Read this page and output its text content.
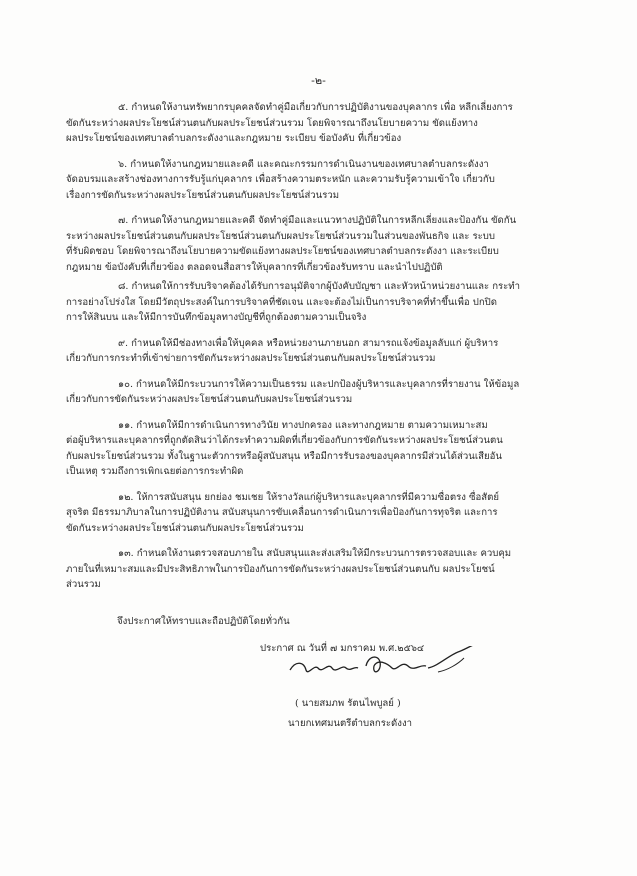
-๒-

๕. กำหนดให้งานทรัพยากรบุคคลจัดทำคู่มือเกี่ยวกับการปฏิบัติงานของบุคลากร เพื่อ หลีกเลี่ยงการ
ขัดกันระหว่างผลประโยชน์ส่วนตนกับผลประโยชน์ส่วนรวม โดยพิจารณาถึงนโยบายความ ขัดแย้งทาง
ผลประโยชน์ของเทศบาลตำบลกระดังงาและกฎหมาย ระเบียบ ข้อบังคับ ที่เกี่ยวข้อง

๖. กำหนดให้งานกฎหมายและคดี และคณะกรรมการดำเนินงานของเทศบาลตำบลกระดังงา
จัดอบรมและสร้างช่องทางการรับรู้แก่บุคลากร เพื่อสร้างความตระหนัก และความรับรู้ความเข้าใจ เกี่ยวกับ
เรื่องการขัดกันระหว่างผลประโยชน์ส่วนตนกับผลประโยชน์ส่วนรวม

๗. กำหนดให้งานกฎหมายและคดี จัดทำคู่มือและแนวทางปฏิบัติในการหลีกเลี่ยงและป้องกัน ขัดกัน
ระหว่างผลประโยชน์ส่วนตนกับผลประโยชน์ส่วนตนกับผลประโยชน์ส่วนรวมในส่วนของพันธกิจ และ ระบบ
ที่รับผิดชอบ โดยพิจารณาถึงนโยบายความขัดแย้งทางผลประโยชน์ของเทศบาลตำบลกระดังงา และระเบียบ
กฎหมาย ข้อบังคับที่เกี่ยวข้อง ตลอดจนสื่อสารให้บุคลากรที่เกี่ยวข้องรับทราบ และนำไปปฏิบัติ

๘. กำหนดให้การรับบริจาคต้องได้รับการอนุมัติจากผู้บังคับบัญชา และหัวหน้าหน่วยงานและ กระทำ
การอย่างโปร่งใส โดยมีวัตถุประสงค์ในการบริจาคที่ชัดเจน และจะต้องไม่เป็นการบริจาคที่ทำขึ้นเพื่อ ปกปิด
การให้สินบน และให้มีการบันทึกข้อมูลทางบัญชีที่ถูกต้องตามความเป็นจริง

๙. กำหนดให้มีช่องทางเพื่อให้บุคคล หรือหน่วยงานภายนอก สามารถแจ้งข้อมูลลับแก่ ผู้บริหาร
เกี่ยวกับการกระทำที่เข้าข่ายการขัดกันระหว่างผลประโยชน์ส่วนตนกับผลประโยชน์ส่วนรวม

๑๐. กำหนดให้มีกระบวนการให้ความเป็นธรรม และปกป้องผู้บริหารและบุคลากรที่รายงาน ให้ข้อมูล
เกี่ยวกับการขัดกันระหว่างผลประโยชน์ส่วนตนกับผลประโยชน์ส่วนรวม

๑๑. กำหนดให้มีการดำเนินการทางวินัย ทางปกครอง และทางกฎหมาย ตามความเหมาะสม
ต่อผู้บริหารและบุคลากรที่ถูกตัดสินว่าได้กระทำความผิดที่เกี่ยวข้องกับการขัดกันระหว่างผลประโยชน์ส่วนตน
กับผลประโยชน์ส่วนรวม ทั้งในฐานะตัวการหรือผู้สนับสนุน หรือมีการรับรองของบุคลากรมีส่วนได้ส่วนเสียอัน
เป็นเหตุ รวมถึงการเพิกเฉยต่อการกระทำผิด

๑๒. ให้การสนับสนุน ยกย่อง ชมเชย ให้รางวัลแก่ผู้บริหารและบุคลากรที่มีความซื่อตรง ซื่อสัตย์
สุจริต มีธรรมาภิบาลในการปฏิบัติงาน สนับสนุนการขับเคลื่อนการดำเนินการเพื่อป้องกันการทุจริต และการ
ขัดกันระหว่างผลประโยชน์ส่วนตนกับผลประโยชน์ส่วนรวม

๑๓. กำหนดให้งานตรวจสอบภายใน สนับสนุนและส่งเสริมให้มีกระบวนการตรวจสอบและ ควบคุม
ภายในที่เหมาะสมและมีประสิทธิภาพในการป้องกันการขัดกันระหว่างผลประโยชน์ส่วนตนกับ ผลประโยชน์
ส่วนรวม

จึงประกาศให้ทราบและถือปฏิบัติโดยทั่วกัน
ประกาศ ณ วันที่ ๗ มกราคม พ.ศ.๒๕๖๔
( นายสมภพ รัตนไพบูลย์ )
นายกเทศมนตรีตำบลกระดังงา
